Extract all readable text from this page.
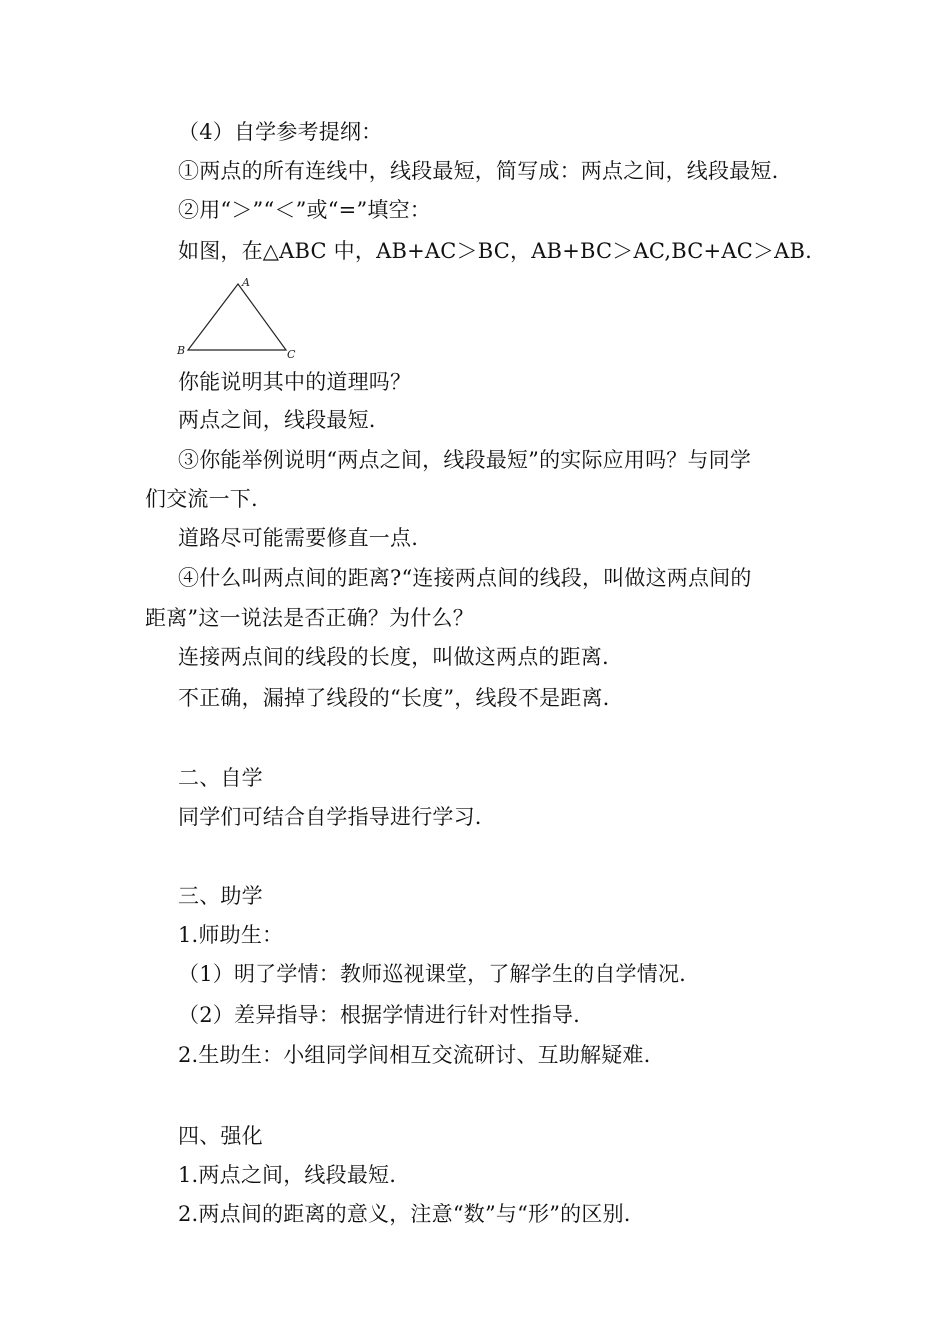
（4）自学参考提纲：
①两点的所有连线中，线段最短，简写成：两点之间，线段最短.
②用“＞”“＜”或“=”填空：
如图，在△ABC 中，AB+AC＞BC，AB+BC＞AC,BC+AC＞AB.
A
B	C
你能说明其中的道理吗？
两点之间，线段最短.
③你能举例说明“两点之间，线段最短”的实际应用吗？与同学
们交流一下.
道路尽可能需要修直一点.
④什么叫两点间的距离?“连接两点间的线段，叫做这两点间的
距离”这一说法是否正确？为什么？
连接两点间的线段的长度，叫做这两点的距离.
不正确，漏掉了线段的“长度”，线段不是距离.
二、自学
同学们可结合自学指导进行学习.
三、助学
1.师助生：
（1）明了学情：教师巡视课堂，了解学生的自学情况.
（2）差异指导：根据学情进行针对性指导.
2.生助生：小组同学间相互交流研讨、互助解疑难.
四、强化
1.两点之间，线段最短.
2.两点间的距离的意义，注意“数”与“形”的区别.
